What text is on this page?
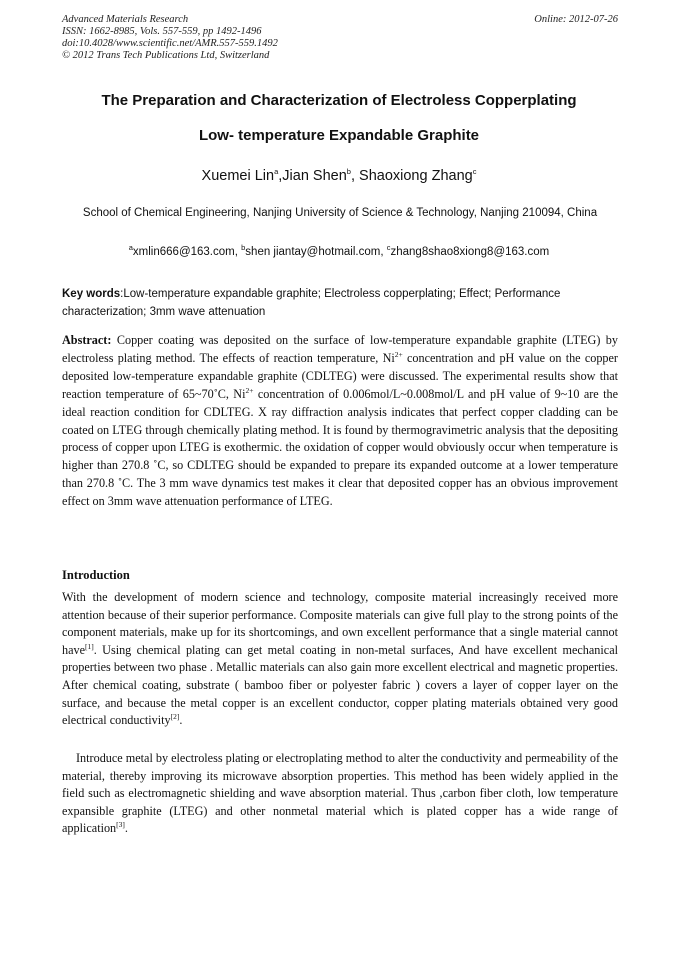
Advanced Materials Research
ISSN: 1662-8985, Vols. 557-559, pp 1492-1496
doi:10.4028/www.scientific.net/AMR.557-559.1492
© 2012 Trans Tech Publications Ltd, Switzerland
Online: 2012-07-26
The Preparation and Characterization of Electroless Copperplating
Low- temperature Expandable Graphite
Xuemei Lin$^a$,Jian Shen$^b$, Shaoxiong Zhang$^c$
School of Chemical Engineering, Nanjing University of Science & Technology, Nanjing 210094, China
$^a$xmlin666@163.com, $^b$shen jiantay@hotmail.com, $^c$zhang8shao8xiong8@163.com
Key words:Low-temperature expandable graphite; Electroless copperplating; Effect; Performance characterization; 3mm wave attenuation
Abstract: Copper coating was deposited on the surface of low-temperature expandable graphite (LTEG) by electroless plating method. The effects of reaction temperature, $Ni^{2+}$ concentration and pH value on the copper deposited low-temperature expandable graphite (CDLTEG) were discussed. The experimental results show that reaction temperature of 65~70˚C, $Ni^{2+}$ concentration of 0.006mol/L~0.008mol/L and pH value of 9~10 are the ideal reaction condition for CDLTEG. X ray diffraction analysis indicates that perfect copper cladding can be coated on LTEG through chemically plating method. It is found by thermogravimetric analysis that the depositing process of copper upon LTEG is exothermic. the oxidation of copper would obviously occur when temperature is higher than 270.8 ˚C, so CDLTEG should be expanded to prepare its expanded outcome at a lower temperature than 270.8 ˚C. The 3 mm wave dynamics test makes it clear that deposited copper has an obvious improvement effect on 3mm wave attenuation performance of LTEG.
Introduction
With the development of modern science and technology, composite material increasingly received more attention because of their superior performance. Composite materials can give full play to the strong points of the component materials, make up for its shortcomings, and own excellent performance that a single material cannot have[1]. Using chemical plating can get metal coating in non-metal surfaces, And have excellent mechanical properties between two phase . Metallic materials can also gain more excellent electrical and magnetic properties. After chemical coating, substrate ( bamboo fiber or polyester fabric ) covers a layer of copper layer on the surface, and because the metal copper is an excellent conductor, copper plating materials obtained very good electrical conductivity[2].
Introduce metal by electroless plating or electroplating method to alter the conductivity and permeability of the material, thereby improving its microwave absorption properties. This method has been widely applied in the field such as electromagnetic shielding and wave absorption material. Thus ,carbon fiber cloth, low temperature expansible graphite (LTEG) and other nonmetal material which is plated copper has a wide range of application[3].
